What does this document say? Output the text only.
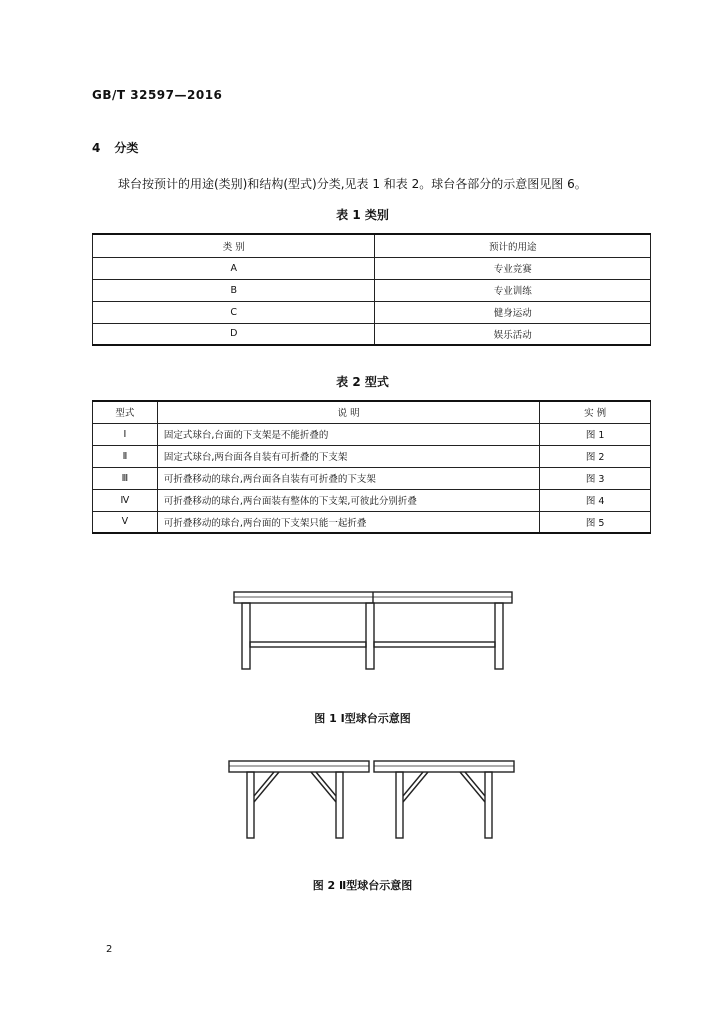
GB/T 32597—2016
4 分类
球台按预计的用途(类别)和结构(型式)分类,见表 1 和表 2。球台各部分的示意图见图 6。
表 1 类别
类 别	预计的用途
A	专业竞赛
B	专业训练
C	健身运动
D	娱乐活动
表 2 型式
型式	说 明	实 例
Ⅰ	固定式球台,台面的下支架是不能折叠的	图 1
Ⅱ	固定式球台,两台面各自装有可折叠的下支架	图 2
Ⅲ	可折叠移动的球台,两台面各自装有可折叠的下支架	图 3
Ⅳ	可折叠移动的球台,两台面装有整体的下支架,可彼此分别折叠	图 4
Ⅴ	可折叠移动的球台,两台面的下支架只能一起折叠	图 5
图 1 Ⅰ型球台示意图
图 2 Ⅱ型球台示意图
2
